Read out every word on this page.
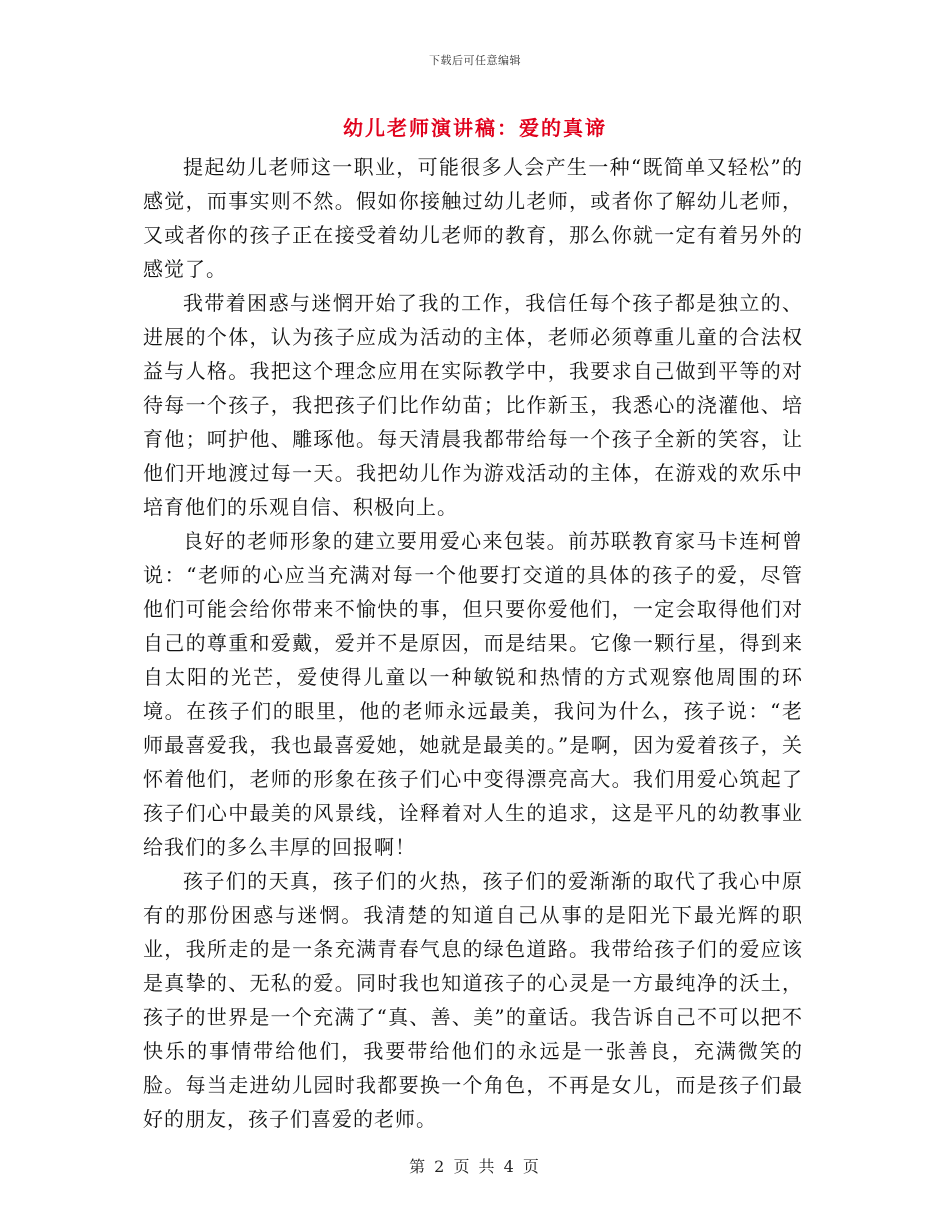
下载后可任意编辑
幼儿老师演讲稿：爱的真谛

提起幼儿老师这一职业，可能很多人会产生一种“既简单又轻松”的感觉，而事实则不然。假如你接触过幼儿老师，或者你了解幼儿老师，又或者你的孩子正在接受着幼儿老师的教育，那么你就一定有着另外的感觉了。

我带着困惑与迷惘开始了我的工作，我信任每个孩子都是独立的、进展的个体，认为孩子应成为活动的主体，老师必须尊重儿童的合法权益与人格。我把这个理念应用在实际教学中，我要求自己做到平等的对待每一个孩子，我把孩子们比作幼苗；比作新玉，我悉心的浇灌他、培育他；呵护他、雕琢他。每天清晨我都带给每一个孩子全新的笑容，让他们开地渡过每一天。我把幼儿作为游戏活动的主体，在游戏的欢乐中培育他们的乐观自信、积极向上。

良好的老师形象的建立要用爱心来包装。前苏联教育家马卡连柯曾说：“老师的心应当充满对每一个他要打交道的具体的孩子的爱，尽管他们可能会给你带来不愉快的事，但只要你爱他们，一定会取得他们对自己的尊重和爱戴，爱并不是原因，而是结果。它像一颗行星，得到来自太阳的光芒，爱使得儿童以一种敏锐和热情的方式观察他周围的环境。在孩子们的眼里，他的老师永远最美，我问为什么，孩子说：“老师最喜爱我，我也最喜爱她，她就是最美的。”是啊，因为爱着孩子，关怀着他们，老师的形象在孩子们心中变得漂亮高大。我们用爱心筑起了孩子们心中最美的风景线，诠释着对人生的追求，这是平凡的幼教事业给我们的多么丰厚的回报啊！

孩子们的天真，孩子们的火热，孩子们的爱渐渐的取代了我心中原有的那份困惑与迷惘。我清楚的知道自己从事的是阳光下最光辉的职业，我所走的是一条充满青春气息的绿色道路。我带给孩子们的爱应该是真挚的、无私的爱。同时我也知道孩子的心灵是一方最纯净的沃土，孩子的世界是一个充满了“真、善、美”的童话。我告诉自己不可以把不快乐的事情带给他们，我要带给他们的永远是一张善良，充满微笑的脸。每当走进幼儿园时我都要换一个角色，不再是女儿，而是孩子们最好的朋友，孩子们喜爱的老师。

第 2 页 共 4 页
